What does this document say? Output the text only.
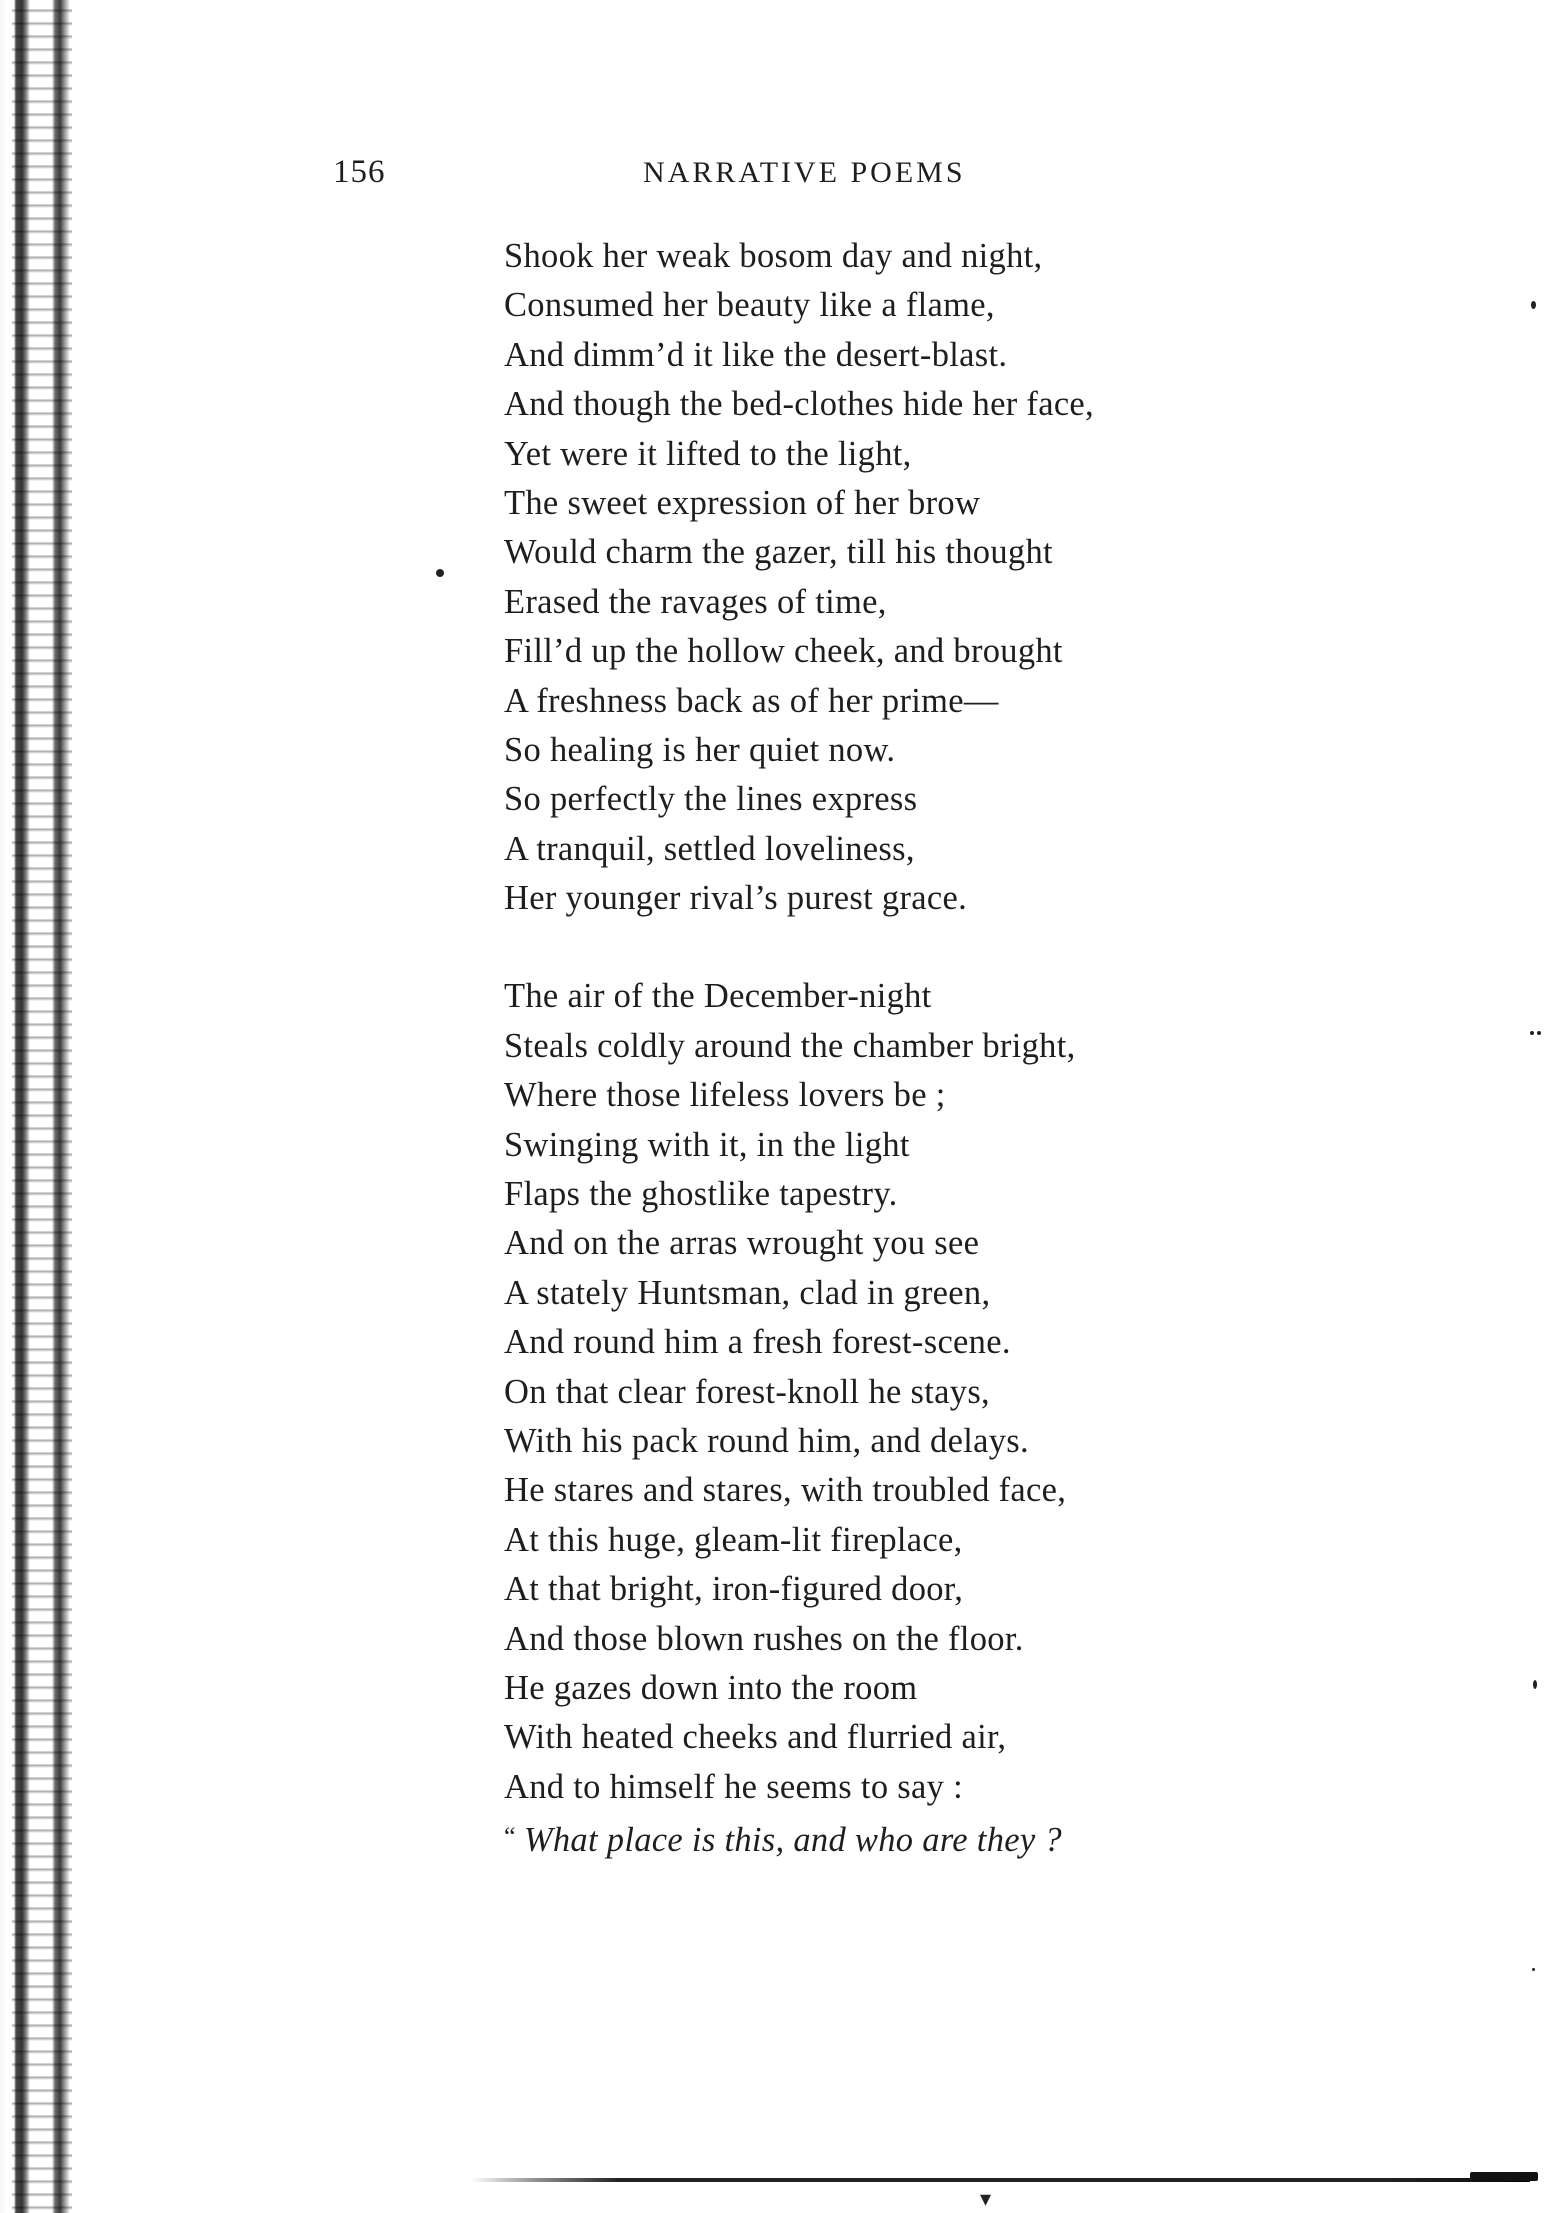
156	NARRATIVE POEMS
Shook her weak bosom day and night,
Consumed her beauty like a flame,
And dimm’d it like the desert-blast.
And though the bed-clothes hide her face,
Yet were it lifted to the light,
The sweet expression of her brow
Would charm the gazer, till his thought
Erased the ravages of time,
Fill’d up the hollow cheek, and brought
A freshness back as of her prime—
So healing is her quiet now.
So perfectly the lines express
A tranquil, settled loveliness,
Her younger rival’s purest grace.
The air of the December-night
Steals coldly around the chamber bright,
Where those lifeless lovers be ;
Swinging with it, in the light
Flaps the ghostlike tapestry.
And on the arras wrought you see
A stately Huntsman, clad in green,
And round him a fresh forest-scene.
On that clear forest-knoll he stays,
With his pack round him, and delays.
He stares and stares, with troubled face,
At this huge, gleam-lit fireplace,
At that bright, iron-figured door,
And those blown rushes on the floor.
He gazes down into the room
With heated cheeks and flurried air,
And to himself he seems to say :
“ What place is this, and who are they ?
▾
